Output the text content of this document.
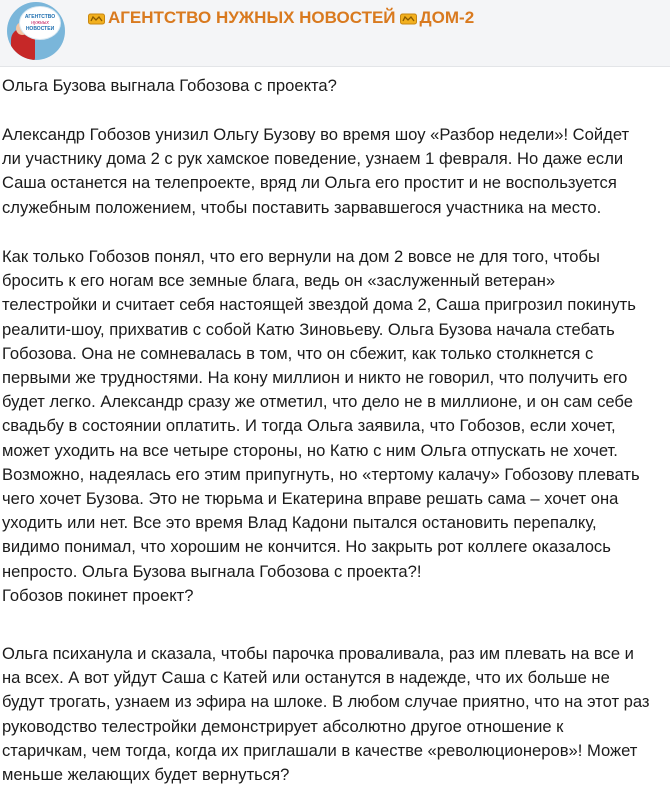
АГЕНТСТВО
нужных
НОВОСТЕЙ
АГЕНТСТВО НУЖНЫХ НОВОСТЕЙ ДОМ-2

Ольга Бузова выгнала Гобозова с проекта?

Александр Гобозов унизил Ольгу Бузову во время шоу «Разбор недели»! Сойдет
ли участнику дома 2 с рук хамское поведение, узнаем 1 февраля. Но даже если
Саша останется на телепроекте, вряд ли Ольга его простит и не воспользуется
служебным положением, чтобы поставить зарвавшегося участника на место.

Как только Гобозов понял, что его вернули на дом 2 вовсе не для того, чтобы
бросить к его ногам все земные блага, ведь он «заслуженный ветеран»
телестройки и считает себя настоящей звездой дома 2, Саша пригрозил покинуть
реалити-шоу, прихватив с собой Катю Зиновьеву. Ольга Бузова начала стебать
Гобозова. Она не сомневалась в том, что он сбежит, как только столкнется с
первыми же трудностями. На кону миллион и никто не говорил, что получить его
будет легко. Александр сразу же отметил, что дело не в миллионе, и он сам себе
свадьбу в состоянии оплатить. И тогда Ольга заявила, что Гобозов, если хочет,
может уходить на все четыре стороны, но Катю с ним Ольга отпускать не хочет.
Возможно, надеялась его этим припугнуть, но «тертому калачу» Гобозову плевать
чего хочет Бузова. Это не тюрьма и Екатерина вправе решать сама – хочет она
уходить или нет. Все это время Влад Кадони пытался остановить перепалку,
видимо понимал, что хорошим не кончится. Но закрыть рот коллеге оказалось
непросто. Ольга Бузова выгнала Гобозова с проекта?!
Гобозов покинет проект?

Ольга психанула и сказала, чтобы парочка проваливала, раз им плевать на все и
на всех. А вот уйдут Саша с Катей или останутся в надежде, что их больше не
будут трогать, узнаем из эфира на шлоке. В любом случае приятно, что на этот раз
руководство телестройки демонстрирует абсолютно другое отношение к
старичкам, чем тогда, когда их приглашали в качестве «революционеров»! Может
меньше желающих будет вернуться?
